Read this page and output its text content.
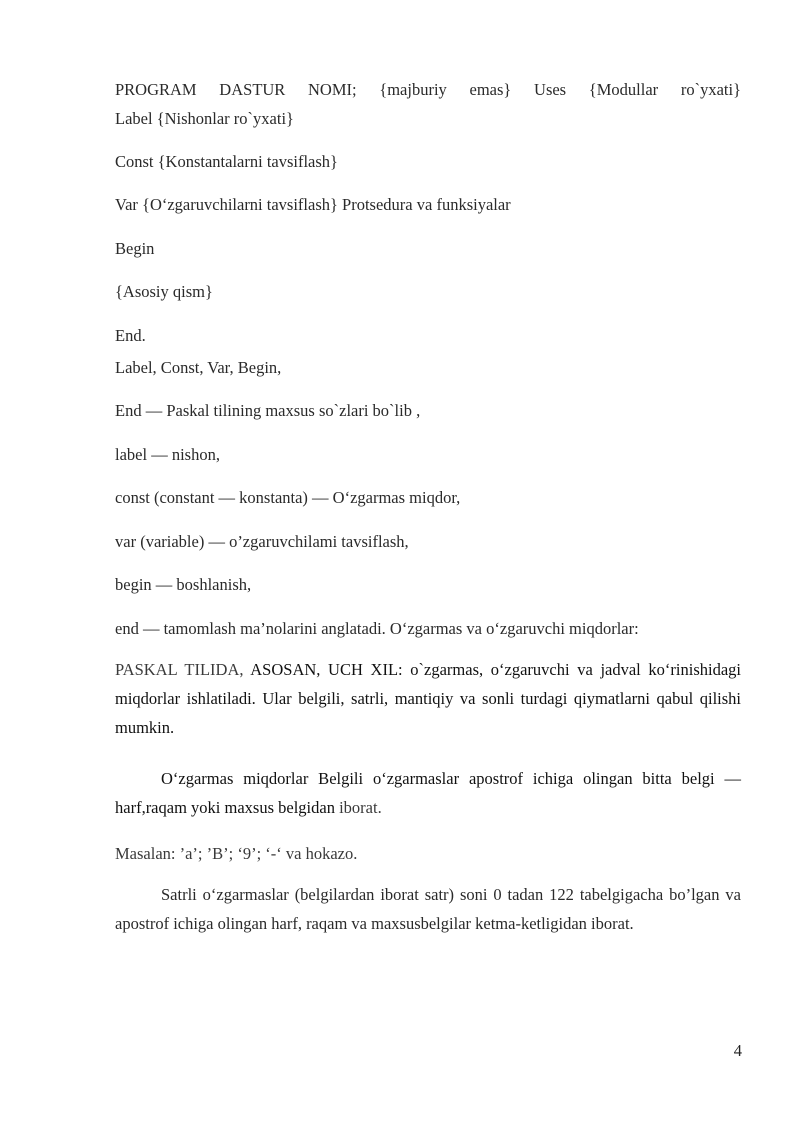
PROGRAM DASTUR NOMI; {majburiy emas} Uses {Modullar ro`yxati}
Label {Nishonlar ro`yxati}
Const {Konstantalarni tavsiflash}
Var {O‘zgaruvchilarni tavsiflash} Protsedura va funksiyalar
Begin
{Asosiy qism}
End.
Label, Const, Var, Begin,
End — Paskal tilining maxsus so`zlari bo`lib ,
label — nishon,
const (constant — konstanta) — O‘zgarmas miqdor,
var (variable) — o’zgaruvchilami tavsiflash,
begin — boshlanish,
end — tamomlash ma’nolarini anglatadi. O‘zgarmas va o‘zgaruvchi miqdorlar:
PASKAL TILIDA, ASOSAN, UCH XIL: o`zgarmas, o‘zgaruvchi va jadval ko‘rinishidagi miqdorlar ishlatiladi. Ular belgili, satrli, mantiqiy va sonli turdagi qiymatlarni qabul qilishi mumkin.
O‘zgarmas miqdorlar Belgili o‘zgarmaslar apostrof ichiga olingan bitta belgi — harf,raqam yoki maxsus belgidan iborat.
Masalan: ’a’; ’B’; ‘9’; ‘-‘ va hokazo.
Satrli o‘zgarmaslar (belgilardan iborat satr) soni 0 tadan 122 tabelgigacha bo’lgan va apostrof ichiga olingan harf, raqam va maxsusbelgilar ketma-ketligidan iborat.
4
